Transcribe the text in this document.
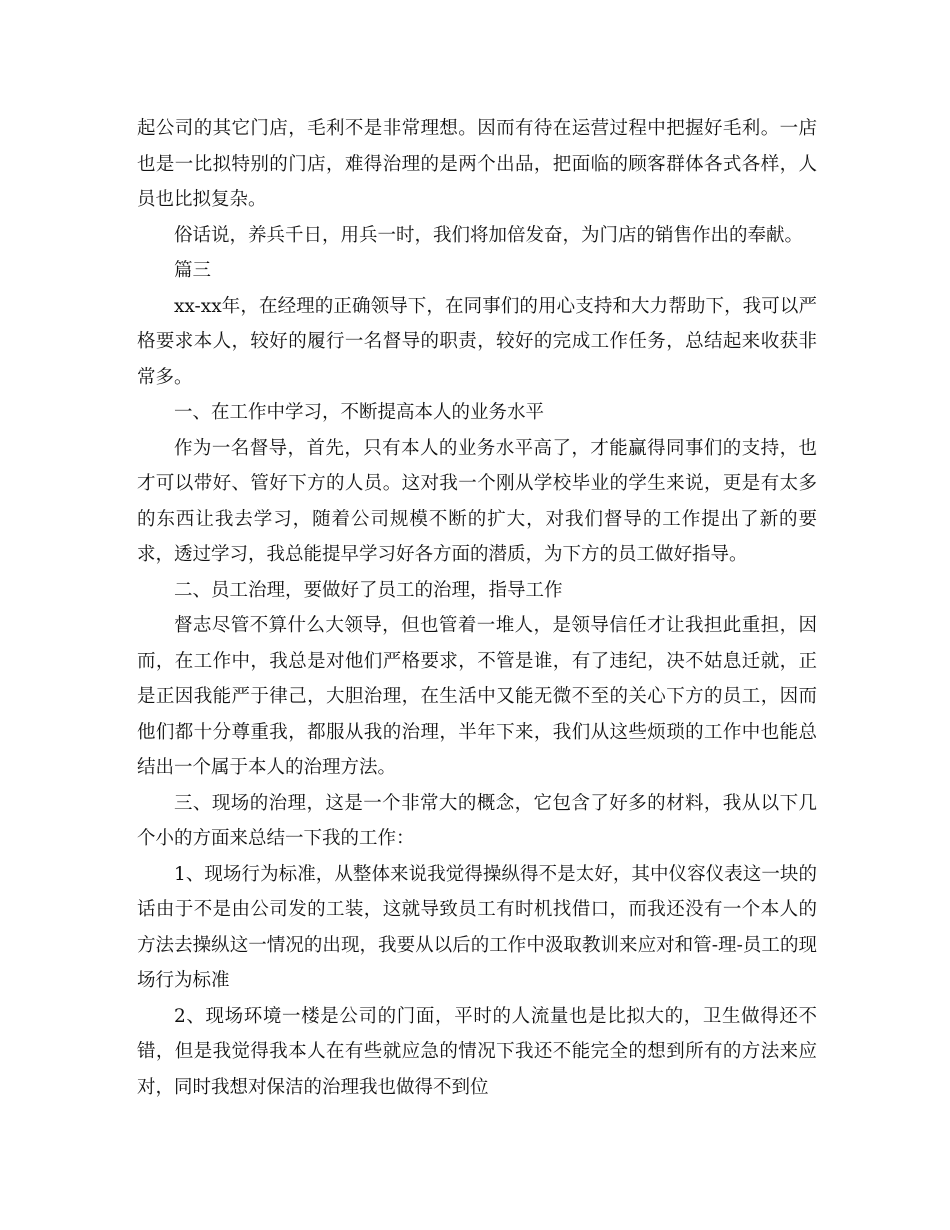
起公司的其它门店，毛利不是非常理想。因而有待在运营过程中把握好毛利。一店也是一比拟特别的门店，难得治理的是两个出品，把面临的顾客群体各式各样，人员也比拟复杂。

俗话说，养兵千日，用兵一时，我们将加倍发奋，为门店的销售作出的奉献。

篇三

xx-xx年，在经理的正确领导下，在同事们的用心支持和大力帮助下，我可以严格要求本人，较好的履行一名督导的职责，较好的完成工作任务，总结起来收获非常多。

一、在工作中学习，不断提高本人的业务水平

作为一名督导，首先，只有本人的业务水平高了，才能赢得同事们的支持，也才可以带好、管好下方的人员。这对我一个刚从学校毕业的学生来说，更是有太多的东西让我去学习，随着公司规模不断的扩大，对我们督导的工作提出了新的要求，透过学习，我总能提早学习好各方面的潜质，为下方的员工做好指导。

二、员工治理，要做好了员工的治理，指导工作

督志尽管不算什么大领导，但也管着一堆人，是领导信任才让我担此重担，因而，在工作中，我总是对他们严格要求，不管是谁，有了违纪，决不姑息迁就，正是正因我能严于律己，大胆治理，在生活中又能无微不至的关心下方的员工，因而他们都十分尊重我，都服从我的治理，半年下来，我们从这些烦琐的工作中也能总结出一个属于本人的治理方法。

三、现场的治理，这是一个非常大的概念，它包含了好多的材料，我从以下几个小的方面来总结一下我的工作：

1、现场行为标准，从整体来说我觉得操纵得不是太好，其中仪容仪表这一块的话由于不是由公司发的工装，这就导致员工有时机找借口，而我还没有一个本人的方法去操纵这一情况的出现，我要从以后的工作中汲取教训来应对和管-理-员工的现场行为标准

2、现场环境一楼是公司的门面，平时的人流量也是比拟大的，卫生做得还不错，但是我觉得我本人在有些就应急的情况下我还不能完全的想到所有的方法来应对，同时我想对保洁的治理我也做得不到位
